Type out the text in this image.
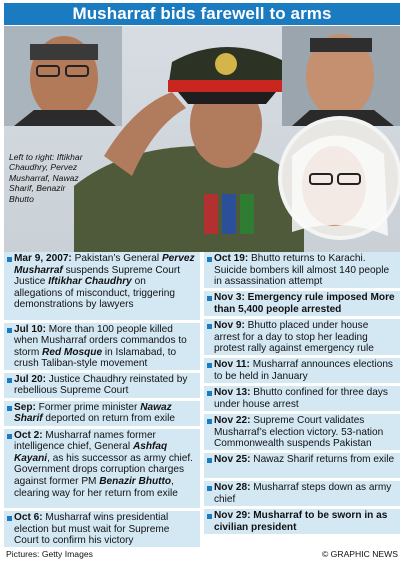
Musharraf bids farewell to arms
Left to right: Iftikhar
Chaudhry, Pervez
Musharraf, Nawaz
Sharif, Benazir
Bhutto
Mar 9, 2007: Pakistan’s General Pervez Musharraf suspends Supreme Court Justice Iftikhar Chaudhry on allegations of misconduct, triggering demonstrations by lawyers
Jul 10: More than 100 people killed when Musharraf orders commandos to storm Red Mosque in Islamabad, to crush Taliban-style movement
Jul 20: Justice Chaudhry reinstated by rebellious Supreme Court
Sep: Former prime minister Nawaz Sharif deported on return from exile
Oct 2: Musharraf names former intelligence chief, General Ashfaq Kayani, as his successor as army chief. Government drops corruption charges against former PM Benazir Bhutto, clearing way for her return from exile
Oct 6: Musharraf wins presidential election but must wait for Supreme Court to confirm his victory
Oct 19: Bhutto returns to Karachi. Suicide bombers kill almost 140 people in assassination attempt
Nov 3: Emergency rule imposed More than 5,400 people arrested
Nov 9: Bhutto placed under house arrest for a day to stop her leading protest rally against emergency rule
Nov 11: Musharraf announces elections to be held in January
Nov 13: Bhutto confined for three days under house arrest
Nov 22: Supreme Court validates Musharraf’s election victory. 53-nation Commonwealth suspends Pakistan
Nov 25: Nawaz Sharif returns from exile
Nov 28: Musharraf steps down as army chief
Nov 29: Musharraf to be sworn in as civilian president
Pictures: Getty Images	© GRAPHIC NEWS
